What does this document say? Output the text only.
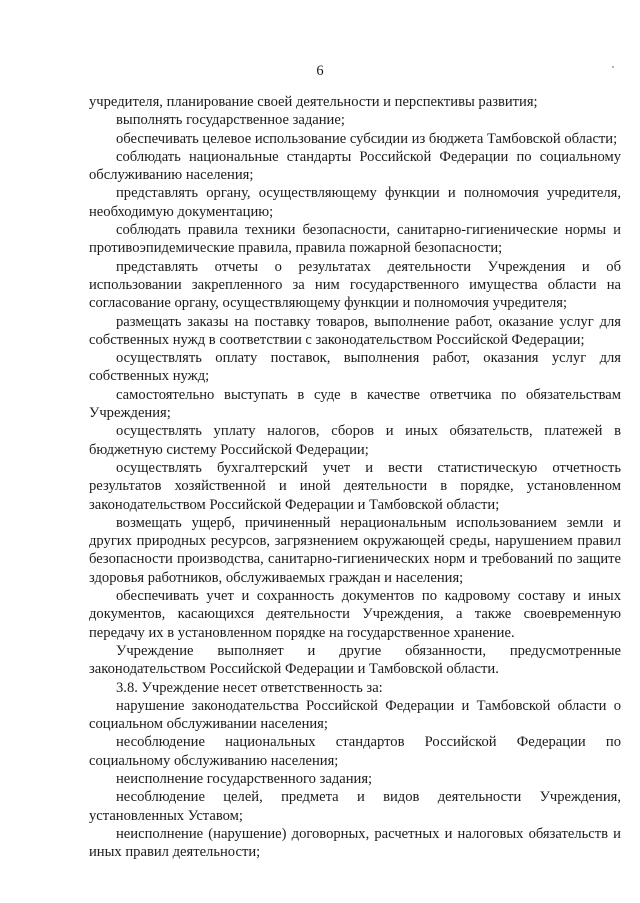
6

учредителя, планирование своей деятельности и перспективы развития;

выполнять государственное задание;

обеспечивать целевое использование субсидии из бюджета Тамбовской области;

соблюдать национальные стандарты Российской Федерации по социальному обслуживанию населения;

представлять органу, осуществляющему функции и полномочия учредителя, необходимую документацию;

соблюдать правила техники безопасности, санитарно-гигиенические нормы и противоэпидемические правила, правила пожарной безопасности;

представлять отчеты о результатах деятельности Учреждения и об использовании закрепленного за ним государственного имущества области на согласование органу, осуществляющему функции и полномочия учредителя;

размещать заказы на поставку товаров, выполнение работ, оказание услуг для собственных нужд в соответствии с законодательством Российской Федерации;

осуществлять оплату поставок, выполнения работ, оказания услуг для собственных нужд;

самостоятельно выступать в суде в качестве ответчика по обязательствам Учреждения;

осуществлять уплату налогов, сборов и иных обязательств, платежей в бюджетную систему Российской Федерации;

осуществлять бухгалтерский учет и вести статистическую отчетность результатов хозяйственной и иной деятельности в порядке, установленном законодательством Российской Федерации и Тамбовской области;

возмещать ущерб, причиненный нерациональным использованием земли и других природных ресурсов, загрязнением окружающей среды, нарушением правил безопасности производства, санитарно-гигиенических норм и требований по защите здоровья работников, обслуживаемых граждан и населения;

обеспечивать учет и сохранность документов по кадровому составу и иных документов, касающихся деятельности Учреждения, а также своевременную передачу их в установленном порядке на государственное хранение.

Учреждение выполняет и другие обязанности, предусмотренные законодательством Российской Федерации и Тамбовской области.

3.8. Учреждение несет ответственность за:

нарушение законодательства Российской Федерации и Тамбовской области о социальном обслуживании населения;

несоблюдение национальных стандартов Российской Федерации по социальному обслуживанию населения;

неисполнение государственного задания;

несоблюдение целей, предмета и видов деятельности Учреждения, установленных Уставом;

неисполнение (нарушение) договорных, расчетных и налоговых обязательств и иных правил деятельности;
